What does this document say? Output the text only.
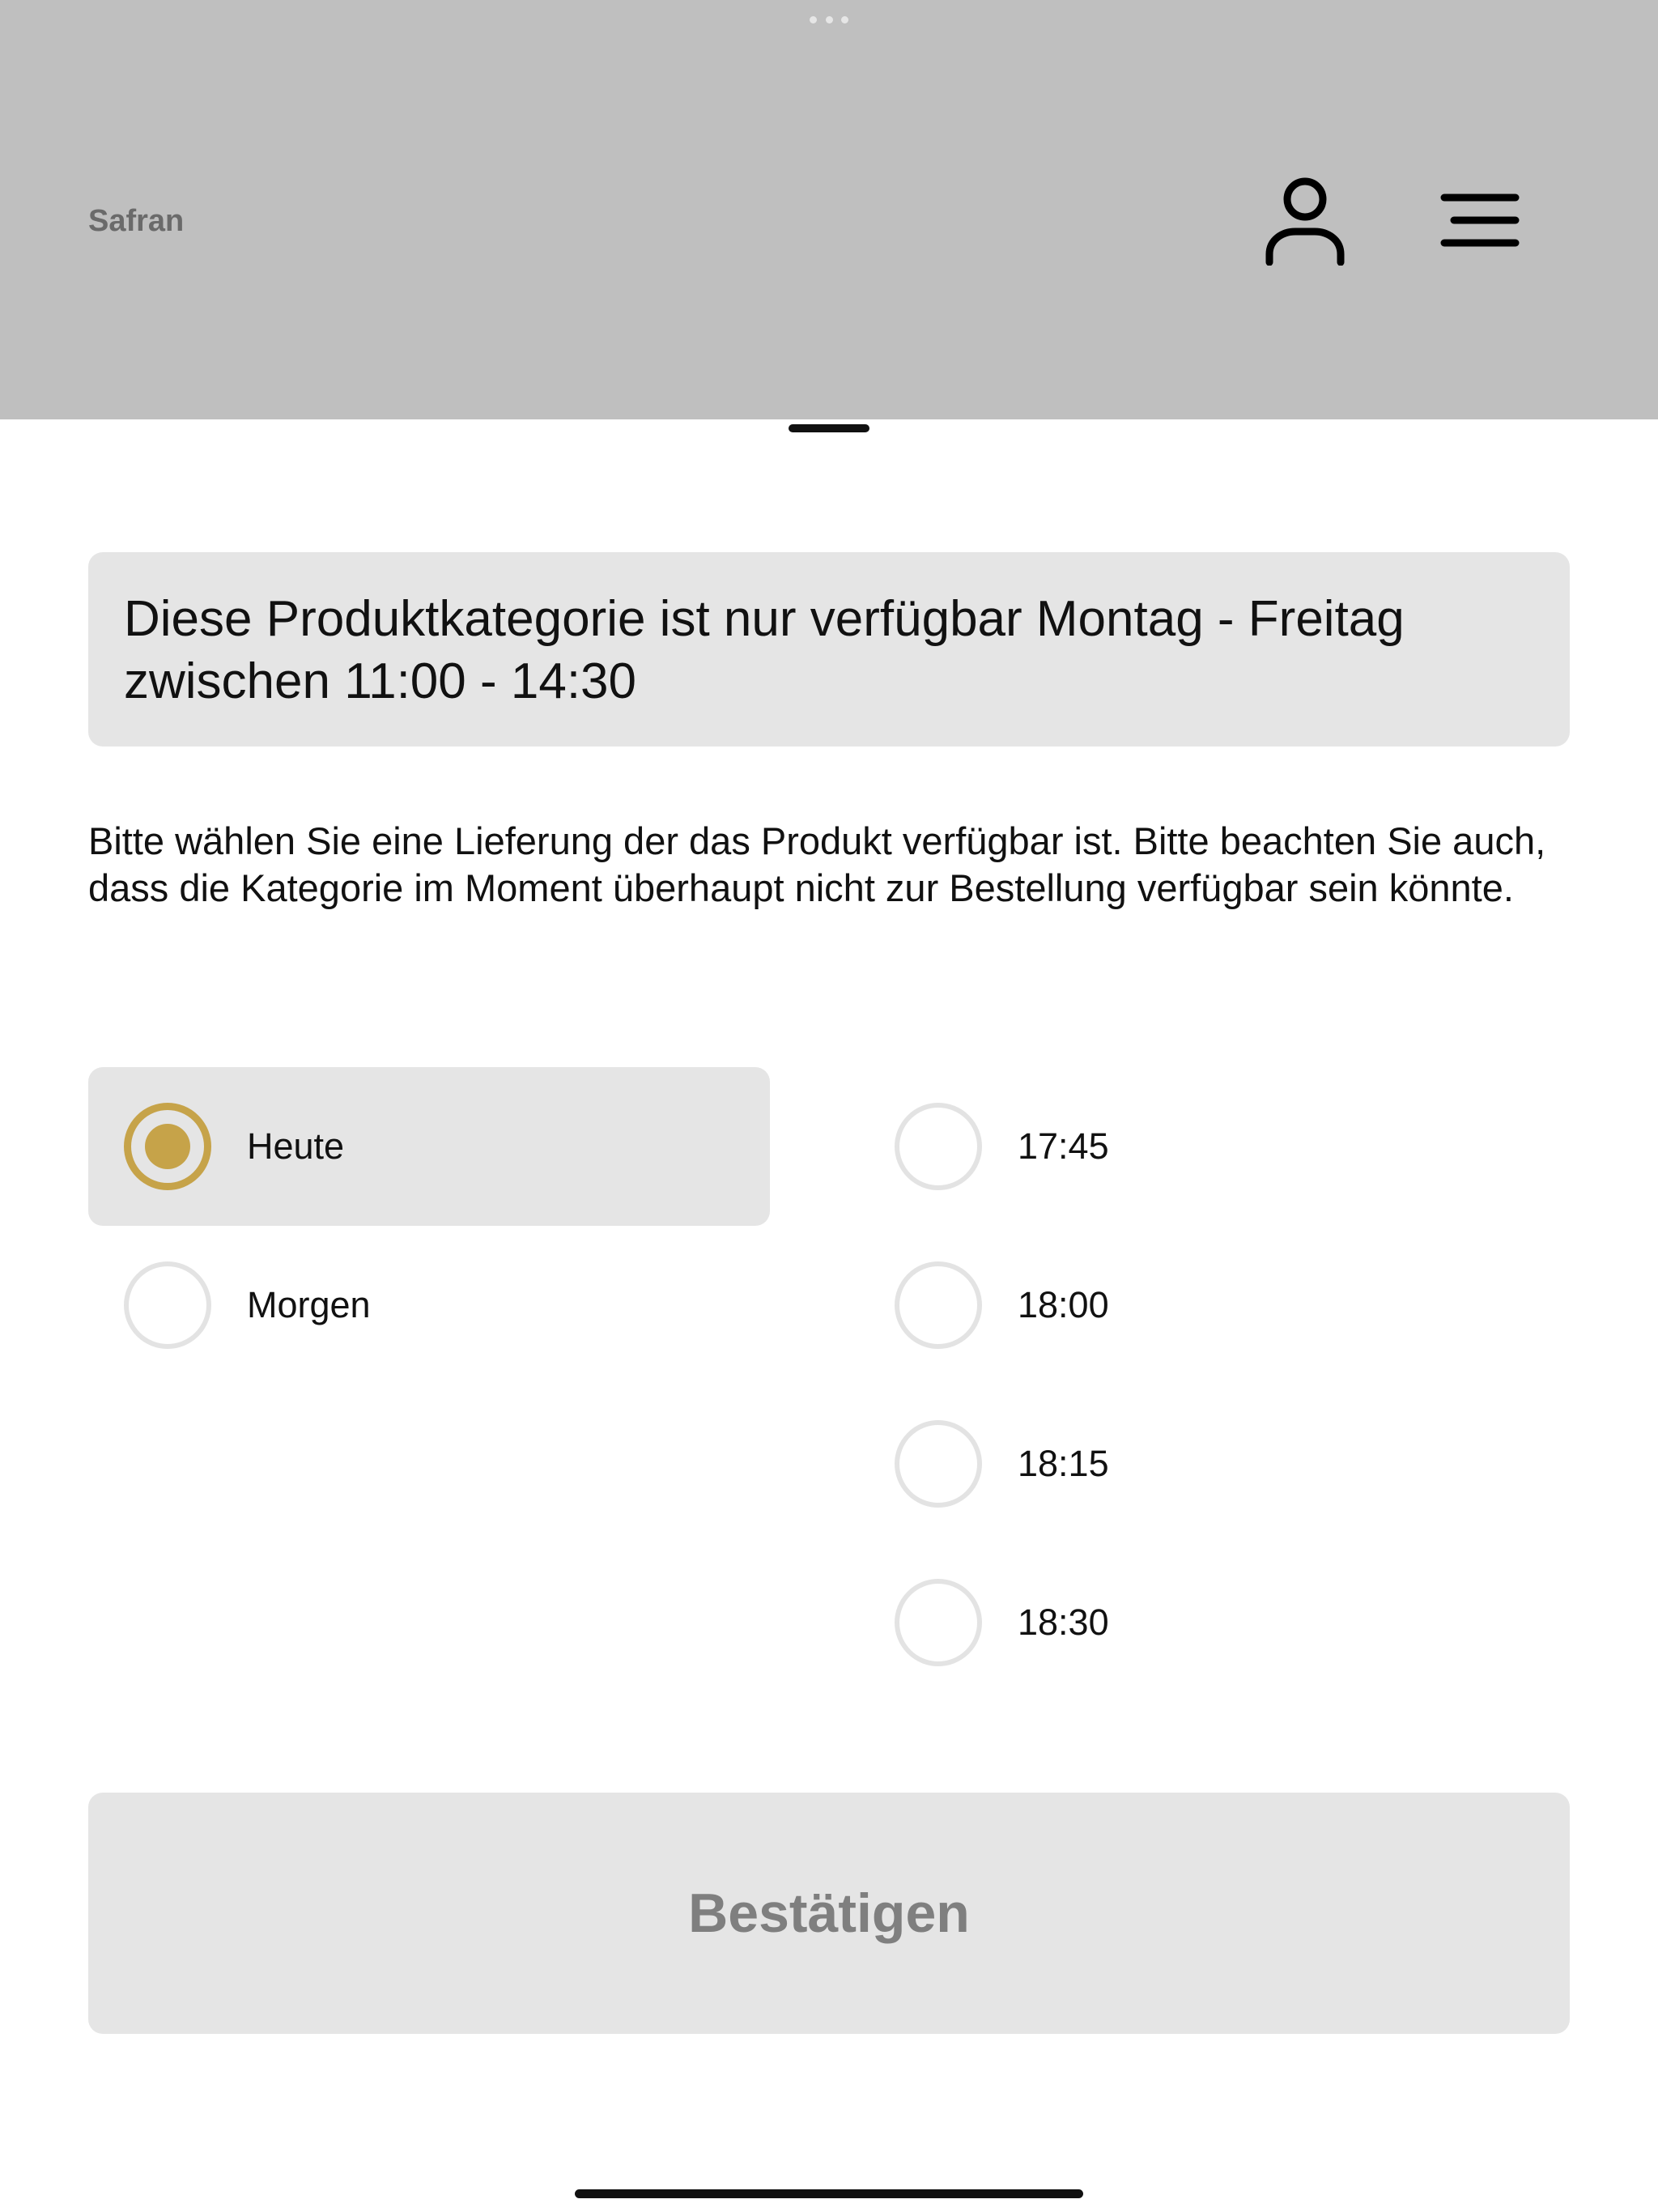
Safran
Diese Produktkategorie ist nur verfügbar Montag - Freitag zwischen 11:00 - 14:30
Bitte wählen Sie eine Lieferung der das Produkt verfügbar ist. Bitte beachten Sie auch, dass die Kategorie im Moment überhaupt nicht zur Bestellung verfügbar sein könnte.
Heute
Morgen
17:45
18:00
18:15
18:30
Bestätigen
